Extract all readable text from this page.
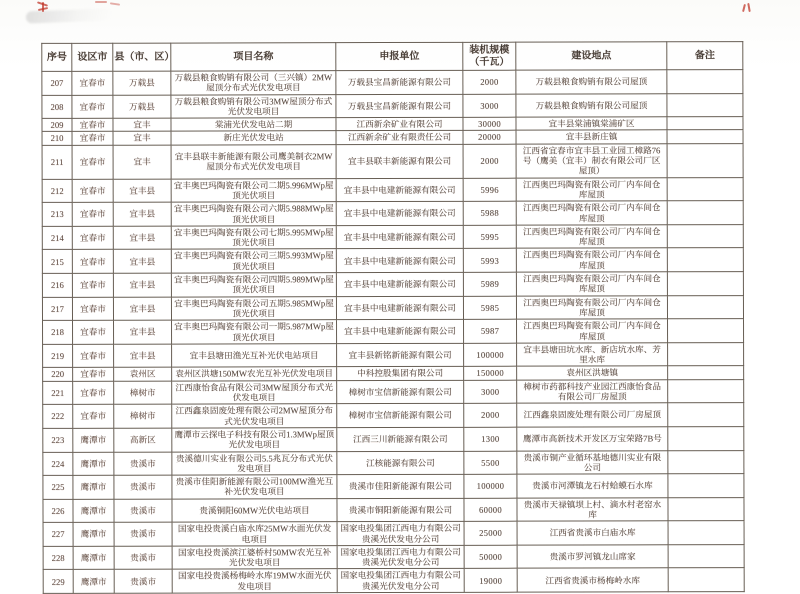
序号	设区市	县（市、区）	项目名称	申报单位	装机规模（千瓦）	建设地点	备注
207	宜春市	万载县	万载县粮食购销有限公司（三兴镇）2MW屋顶分布式光伏发电项目	万载县宝昌新能源有限公司	2000	万载县粮食购销有限公司屋顶	
208	宜春市	万载县	万载县粮食购销有限公司3MW屋顶分布式光伏发电项目	万载县宝昌新能源有限公司	3000	万载县粮食购销有限公司屋顶	
209	宜春市	宜丰	棠浦光伏发电站二期	江西新余矿业有限公司	30000	宜丰县棠浦镇棠浦矿区	
210	宜春市	宜丰	新庄光伏发电站	江西新余矿业有限责任公司	20000	宜丰县新庄镇	
211	宜春市	宜丰	宜丰县联丰新能源有限公司鹰美制衣2MW屋顶分布式光伏发电项目	宜丰县联丰新能源有限公司	2000	江西省宜春市宜丰县工业园工樟路76号（鹰美（宜丰）制衣有限公司厂区屋顶）	
212	宜春市	宜丰县	宜丰奥巴玛陶瓷有限公司二期5.996MWp屋顶光伏项目	宜丰县中电建新能源有限公司	5996	江西奥巴玛陶瓷有限公司厂内车间仓库屋顶	
213	宜春市	宜丰县	宜丰奥巴玛陶瓷有限公司六期5.988MWp屋顶光伏项目	宜丰县中电建新能源有限公司	5988	江西奥巴玛陶瓷有限公司厂内车间仓库屋顶	
214	宜春市	宜丰县	宜丰奥巴玛陶瓷有限公司七期5.995MWp屋顶光伏项目	宜丰县中电建新能源有限公司	5995	江西奥巴玛陶瓷有限公司厂内车间仓库屋顶	
215	宜春市	宜丰县	宜丰奥巴玛陶瓷有限公司三期5.993MWp屋顶光伏项目	宜丰县中电建新能源有限公司	5993	江西奥巴玛陶瓷有限公司厂内车间仓库屋顶	
216	宜春市	宜丰县	宜丰奥巴玛陶瓷有限公司四期5.989MWp屋顶光伏项目	宜丰县中电建新能源有限公司	5989	江西奥巴玛陶瓷有限公司厂内车间仓库屋顶	
217	宜春市	宜丰县	宜丰奥巴玛陶瓷有限公司五期5.985MWp屋顶光伏项目	宜丰县中电建新能源有限公司	5985	江西奥巴玛陶瓷有限公司厂内车间仓库屋顶	
218	宜春市	宜丰县	宜丰奥巴玛陶瓷有限公司一期5.987MWp屋顶光伏项目	宜丰县中电建新能源有限公司	5987	江西奥巴玛陶瓷有限公司厂内车间仓库屋顶	
219	宜春市	宜丰县	宜丰县塘田渔光互补光伏电站项目	宜丰县新铭新能源有限公司	100000	宜丰县塘田坑水库、新店坑水库、芳里水库	
220	宜春市	袁州区	袁州区洪塘150MW农光互补光伏发电项目	中科控股集团有限公司	150000	袁州区洪塘镇	
221	宜春市	樟树市	江西康怡食品有限公司3MW屋顶分布式光伏发电项目	樟树市宝信新能源有限公司	3000	樟树市药都科技产业园江西康怡食品有限公司厂房屋顶	
222	宜春市	樟树市	江西鑫泉固废处理有限公司2MW屋顶分布式光伏发电项目	樟树市宝信新能源有限公司	2000	江西鑫泉固废处理有限公司厂房屋顶	
223	鹰潭市	高新区	鹰潭市云探电子科技有限公司1.3MWp屋顶光伏发电项目	江西三川新能源有限公司	1300	鹰潭市高新技术开发区万宝荣路7B号	
224	鹰潭市	贵溪市	贵溪德川实业有限公司5.5兆瓦分布式光伏发电项目	江核能源有限公司	5500	贵溪市铜产业循环基地德川实业有限公司	
225	鹰潭市	贵溪市	贵溪市佳阳新能源有限公司100MW渔光互补光伏发电项目	贵溪市佳阳新能源有限公司	100000	贵溪市河潭镇龙石村蛤蟆石水库	
226	鹰潭市	贵溪市	贵溪铜阳60MW光伏电站项目	贵溪市铜阳新能源有限公司	60000	贵溪市天禄镇坝上村、滴水村老窑水库	
227	鹰潭市	贵溪市	国家电投贵溪白庙水库25MW水面光伏发电项目	国家电投集团江西电力有限公司贵溪光伏发电分公司	25000	江西省贵溪市白庙水库	
228	鹰潭市	贵溪市	国家电投贵溪滨江婆桥村50MW农光互补光伏发电项目	国家电投集团江西电力有限公司贵溪光伏发电分公司	50000	贵溪市罗河镇龙山席家	
229	鹰潭市	贵溪市	国家电投贵溪杨梅岭水库19MW水面光伏发电项目	国家电投集团江西电力有限公司贵溪光伏发电分公司	19000	江西省贵溪市杨梅岭水库	
